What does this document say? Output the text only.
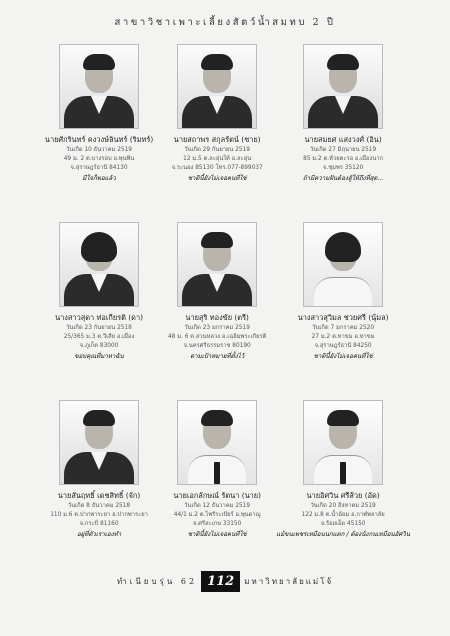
สาขาวิชาเพาะเลี้ยงสัตว์น้ำสมทบ 2 ปี
นายศักรินทร์ คงวงษ์ลินทร์ (ริมทร์)
วันเกิด 10 ธันวาคม 2519
49 ม. 2 ต.บางรอบ อ.พุนพิน
จ.สุราษฎร์ธานี 84130
มีใจก็พอแล้ว
นายสถาพร สกุลรัตน์ (ชาย)
วันเกิด 29 กันยายน 2519
12 ม.5 ต.ละอุ่นใต้ อ.ละอุ่น
จ.ระนอง 85130 โทร.077-899037
ชาตินี้ยังไม่เจอคนที่ใช่
นายสมยศ แสงวงศ์ (อิน)
วันเกิด 27 มิถุนายน 2519
85 ม.2 ต.ห้วยตะรอ อ.เมืองนาก
จ.ชุมพร 35120
ถ้ามีความฝันต้องสู้ให้ถึงที่สุด...
นางสาวสุดา ท่อเกียรติ (ดา)
วันเกิด 23 กันยายน 2518
25/365 ม.3 ต.วีเสีย อ.เมือง
จ.ภูเก็ต 83000
ขอบคุณที่มาหาฉัน
นายสุริ ทองขัย (ตรี)
วันเกิด 23 มกราคม 2519
48 ม. 6 ต.สวนหลวง อ.เฉลิมพระเกียรติ
จ.นครศรีธรรมราช 80190
ตามเป้าหมายที่ตั้งไว้
นางสาวสุวิมล ช่วยศรี (นุ้มล)
วันเกิด 7 มกราคม 2520
27 ม.2 ต.ทาขม อ.ทาขม
จ.สุราษฎร์ธานี 84250
ชาตินี้ยังไม่เจอคนที่ใช่
นายสันฤทธิ์ เดชสิทธิ์ (จัก)
วันเกิด 8 ธันวาคม 2518
110 ม.6 ต.ปากพาระยา อ.ปากพาระยา
จ.กระบี่ 81160
อยู่ที่ตัวเราเองทำ
นายเอกลักษณ์ รัตนา (นาย)
วันเกิด 12 ธันวาคม 2519
44/1 ม.2 ต.ไพรีระเบียร์ อ.พุนดาญู
จ.ศรีสะเกษ 33150
ชาตินี้ยังไม่เจอคนที่ใช่
นายอิศวิน ศรีส้วย (อัด)
วันเกิด 20 สิงหาคม 2519
122 ม.8 ต.น้ำอ้อม อ.กาฬพลาลัย
จ.ร้อยเอ็ด 45150
แม้ขนเพชรเหมือนนกแตก / ต้องนั่งกนเหมือนอัศวิน
ทำเนียบรุ่น 62 112	มหาวิทยาลัยแม่โจ้
